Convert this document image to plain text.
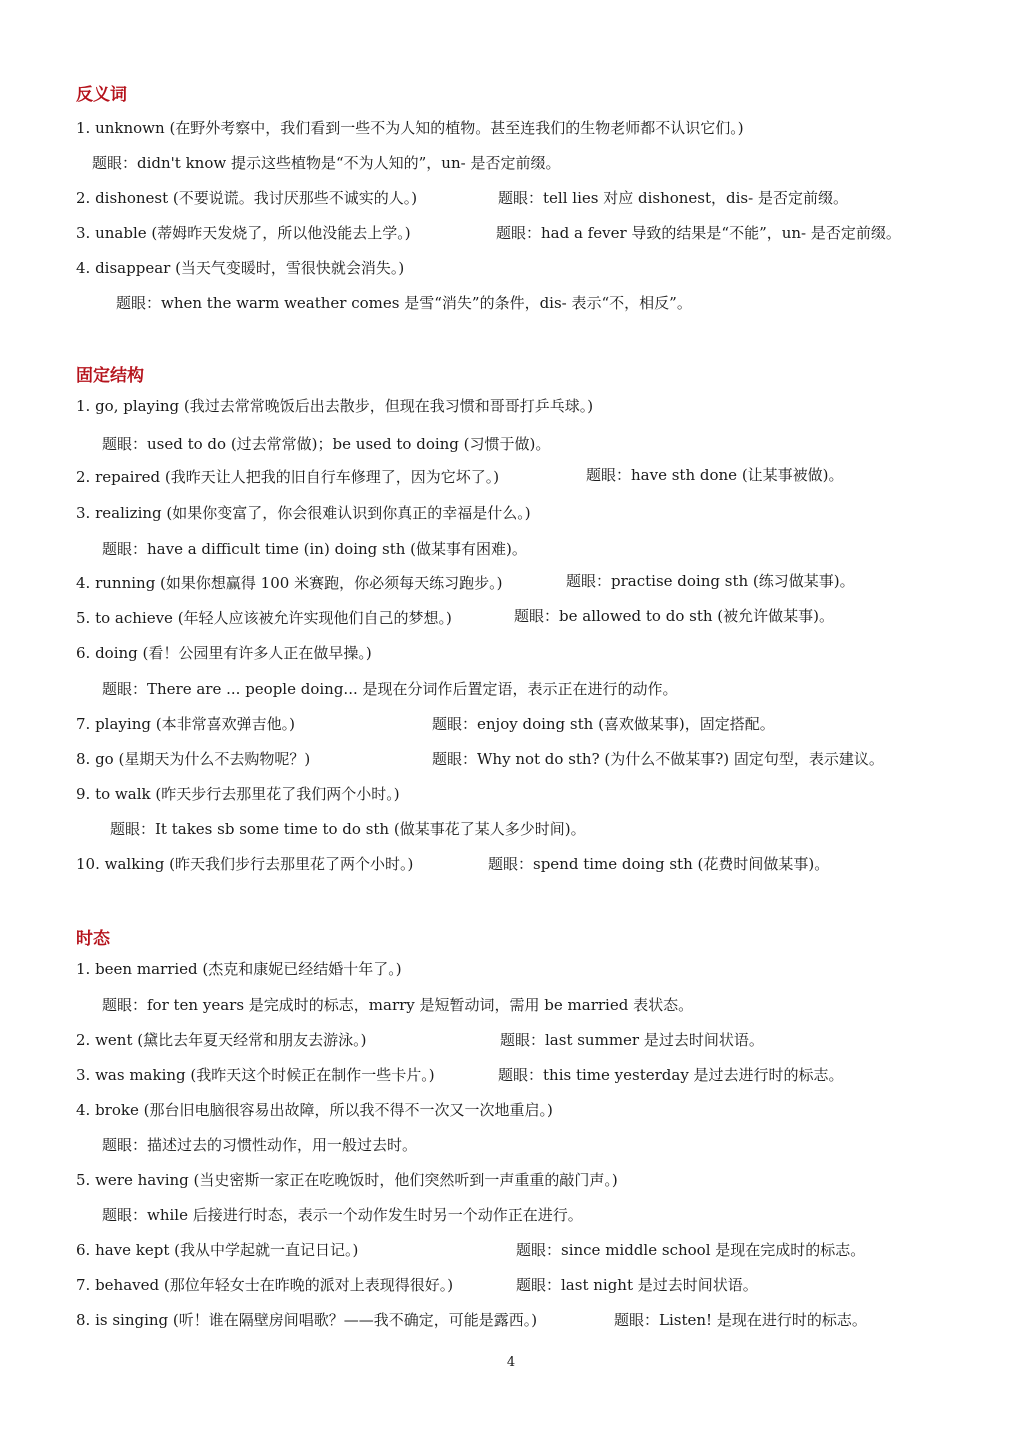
反义词

1. unknown (在野外考察中，我们看到一些不为人知的植物。甚至连我们的生物老师都不认识它们。)

题眼：didn't know 提示这些植物是“不为人知的”，un- 是否定前缀。

2. dishonest (不要说谎。我讨厌那些不诚实的人。)	题眼：tell lies 对应 dishonest，dis- 是否定前缀。

3. unable (蒂姆昨天发烧了，所以他没能去上学。)	题眼：had a fever 导致的结果是“不能”，un- 是否定前缀。

4. disappear (当天气变暖时，雪很快就会消失。)

题眼：when the warm weather comes 是雪“消失”的条件，dis- 表示“不，相反”。

固定结构

1. go, playing (我过去常常晚饭后出去散步，但现在我习惯和哥哥打乒乓球。)

题眼：used to do (过去常常做)；be used to doing (习惯于做)。

2. repaired (我昨天让人把我的旧自行车修理了，因为它坏了。)	题眼：have sth done (让某事被做)。

3. realizing (如果你变富了，你会很难认识到你真正的幸福是什么。)

题眼：have a difficult time (in) doing sth (做某事有困难)。

4. running (如果你想赢得 100 米赛跑，你必须每天练习跑步。)	题眼：practise doing sth (练习做某事)。

5. to achieve (年轻人应该被允许实现他们自己的梦想。)	题眼：be allowed to do sth (被允许做某事)。

6. doing (看！公园里有许多人正在做早操。)

题眼：There are ... people doing... 是现在分词作后置定语，表示正在进行的动作。

7. playing (本非常喜欢弹吉他。)	题眼：enjoy doing sth (喜欢做某事)，固定搭配。

8. go (星期天为什么不去购物呢？)	题眼：Why not do sth? (为什么不做某事?) 固定句型，表示建议。

9. to walk (昨天步行去那里花了我们两个小时。)

题眼：It takes sb some time to do sth (做某事花了某人多少时间)。

10. walking (昨天我们步行去那里花了两个小时。)	题眼：spend time doing sth (花费时间做某事)。

时态

1. been married (杰克和康妮已经结婚十年了。)

题眼：for ten years 是完成时的标志，marry 是短暂动词，需用 be married 表状态。

2. went (黛比去年夏天经常和朋友去游泳。)	题眼：last summer 是过去时间状语。

3. was making (我昨天这个时候正在制作一些卡片。)	题眼：this time yesterday 是过去进行时的标志。

4. broke (那台旧电脑很容易出故障，所以我不得不一次又一次地重启。)

题眼：描述过去的习惯性动作，用一般过去时。

5. were having (当史密斯一家正在吃晚饭时，他们突然听到一声重重的敲门声。)

题眼：while 后接进行时态，表示一个动作发生时另一个动作正在进行。

6. have kept (我从中学起就一直记日记。)	题眼：since middle school 是现在完成时的标志。

7. behaved (那位年轻女士在昨晚的派对上表现得很好。)	题眼：last night 是过去时间状语。

8. is singing (听！谁在隔壁房间唱歌？——我不确定，可能是露西。)	题眼：Listen! 是现在进行时的标志。

4
